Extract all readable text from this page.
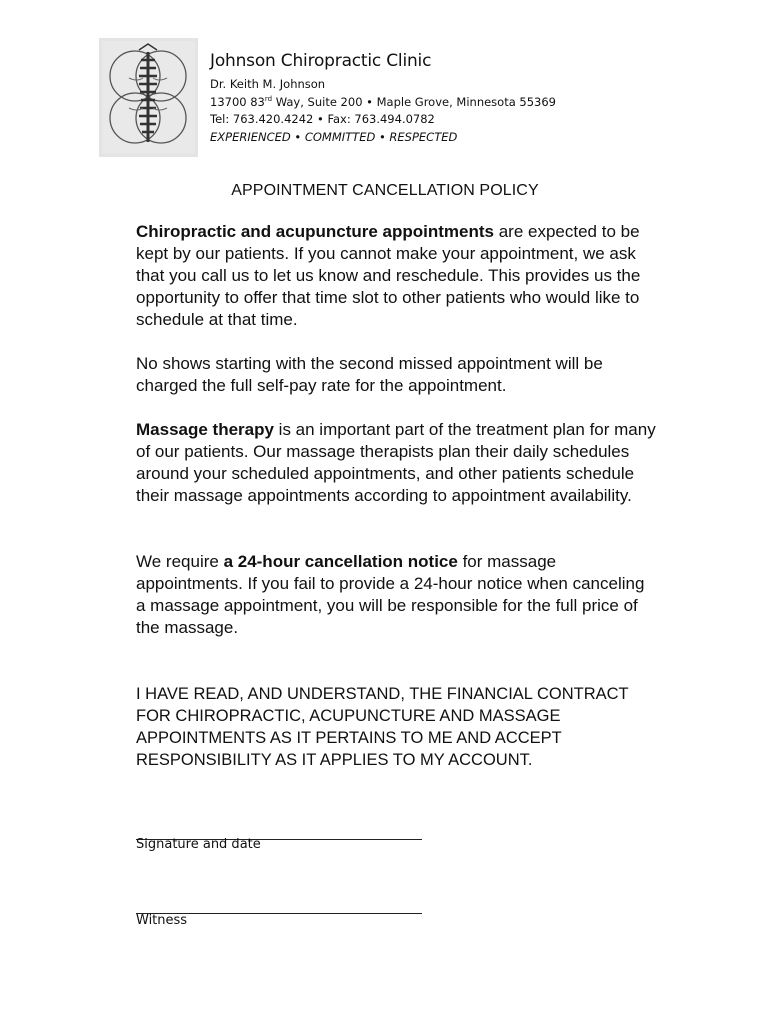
Johnson Chiropractic Clinic
Dr. Keith M. Johnson
13700 83rd Way, Suite 200 • Maple Grove, Minnesota 55369
Tel: 763.420.4242 • Fax: 763.494.0782
EXPERIENCED • COMMITTED • RESPECTED
APPOINTMENT CANCELLATION POLICY

Chiropractic and acupuncture appointments are expected to be kept by our patients. If you cannot make your appointment, we ask that you call us to let us know and reschedule. This provides us the opportunity to offer that time slot to other patients who would like to schedule at that time.

No shows starting with the second missed appointment will be charged the full self-pay rate for the appointment.

Massage therapy is an important part of the treatment plan for many of our patients. Our massage therapists plan their daily schedules around your scheduled appointments, and other patients schedule their massage appointments according to appointment availability.

We require a 24-hour cancellation notice for massage appointments. If you fail to provide a 24-hour notice when canceling a massage appointment, you will be responsible for the full price of the massage.

I HAVE READ, AND UNDERSTAND, THE FINANCIAL CONTRACT FOR CHIROPRACTIC, ACUPUNCTURE AND MASSAGE APPOINTMENTS AS IT PERTAINS TO ME AND ACCEPT RESPONSIBILITY AS IT APPLIES TO MY ACCOUNT.

Signature and date
Witness
